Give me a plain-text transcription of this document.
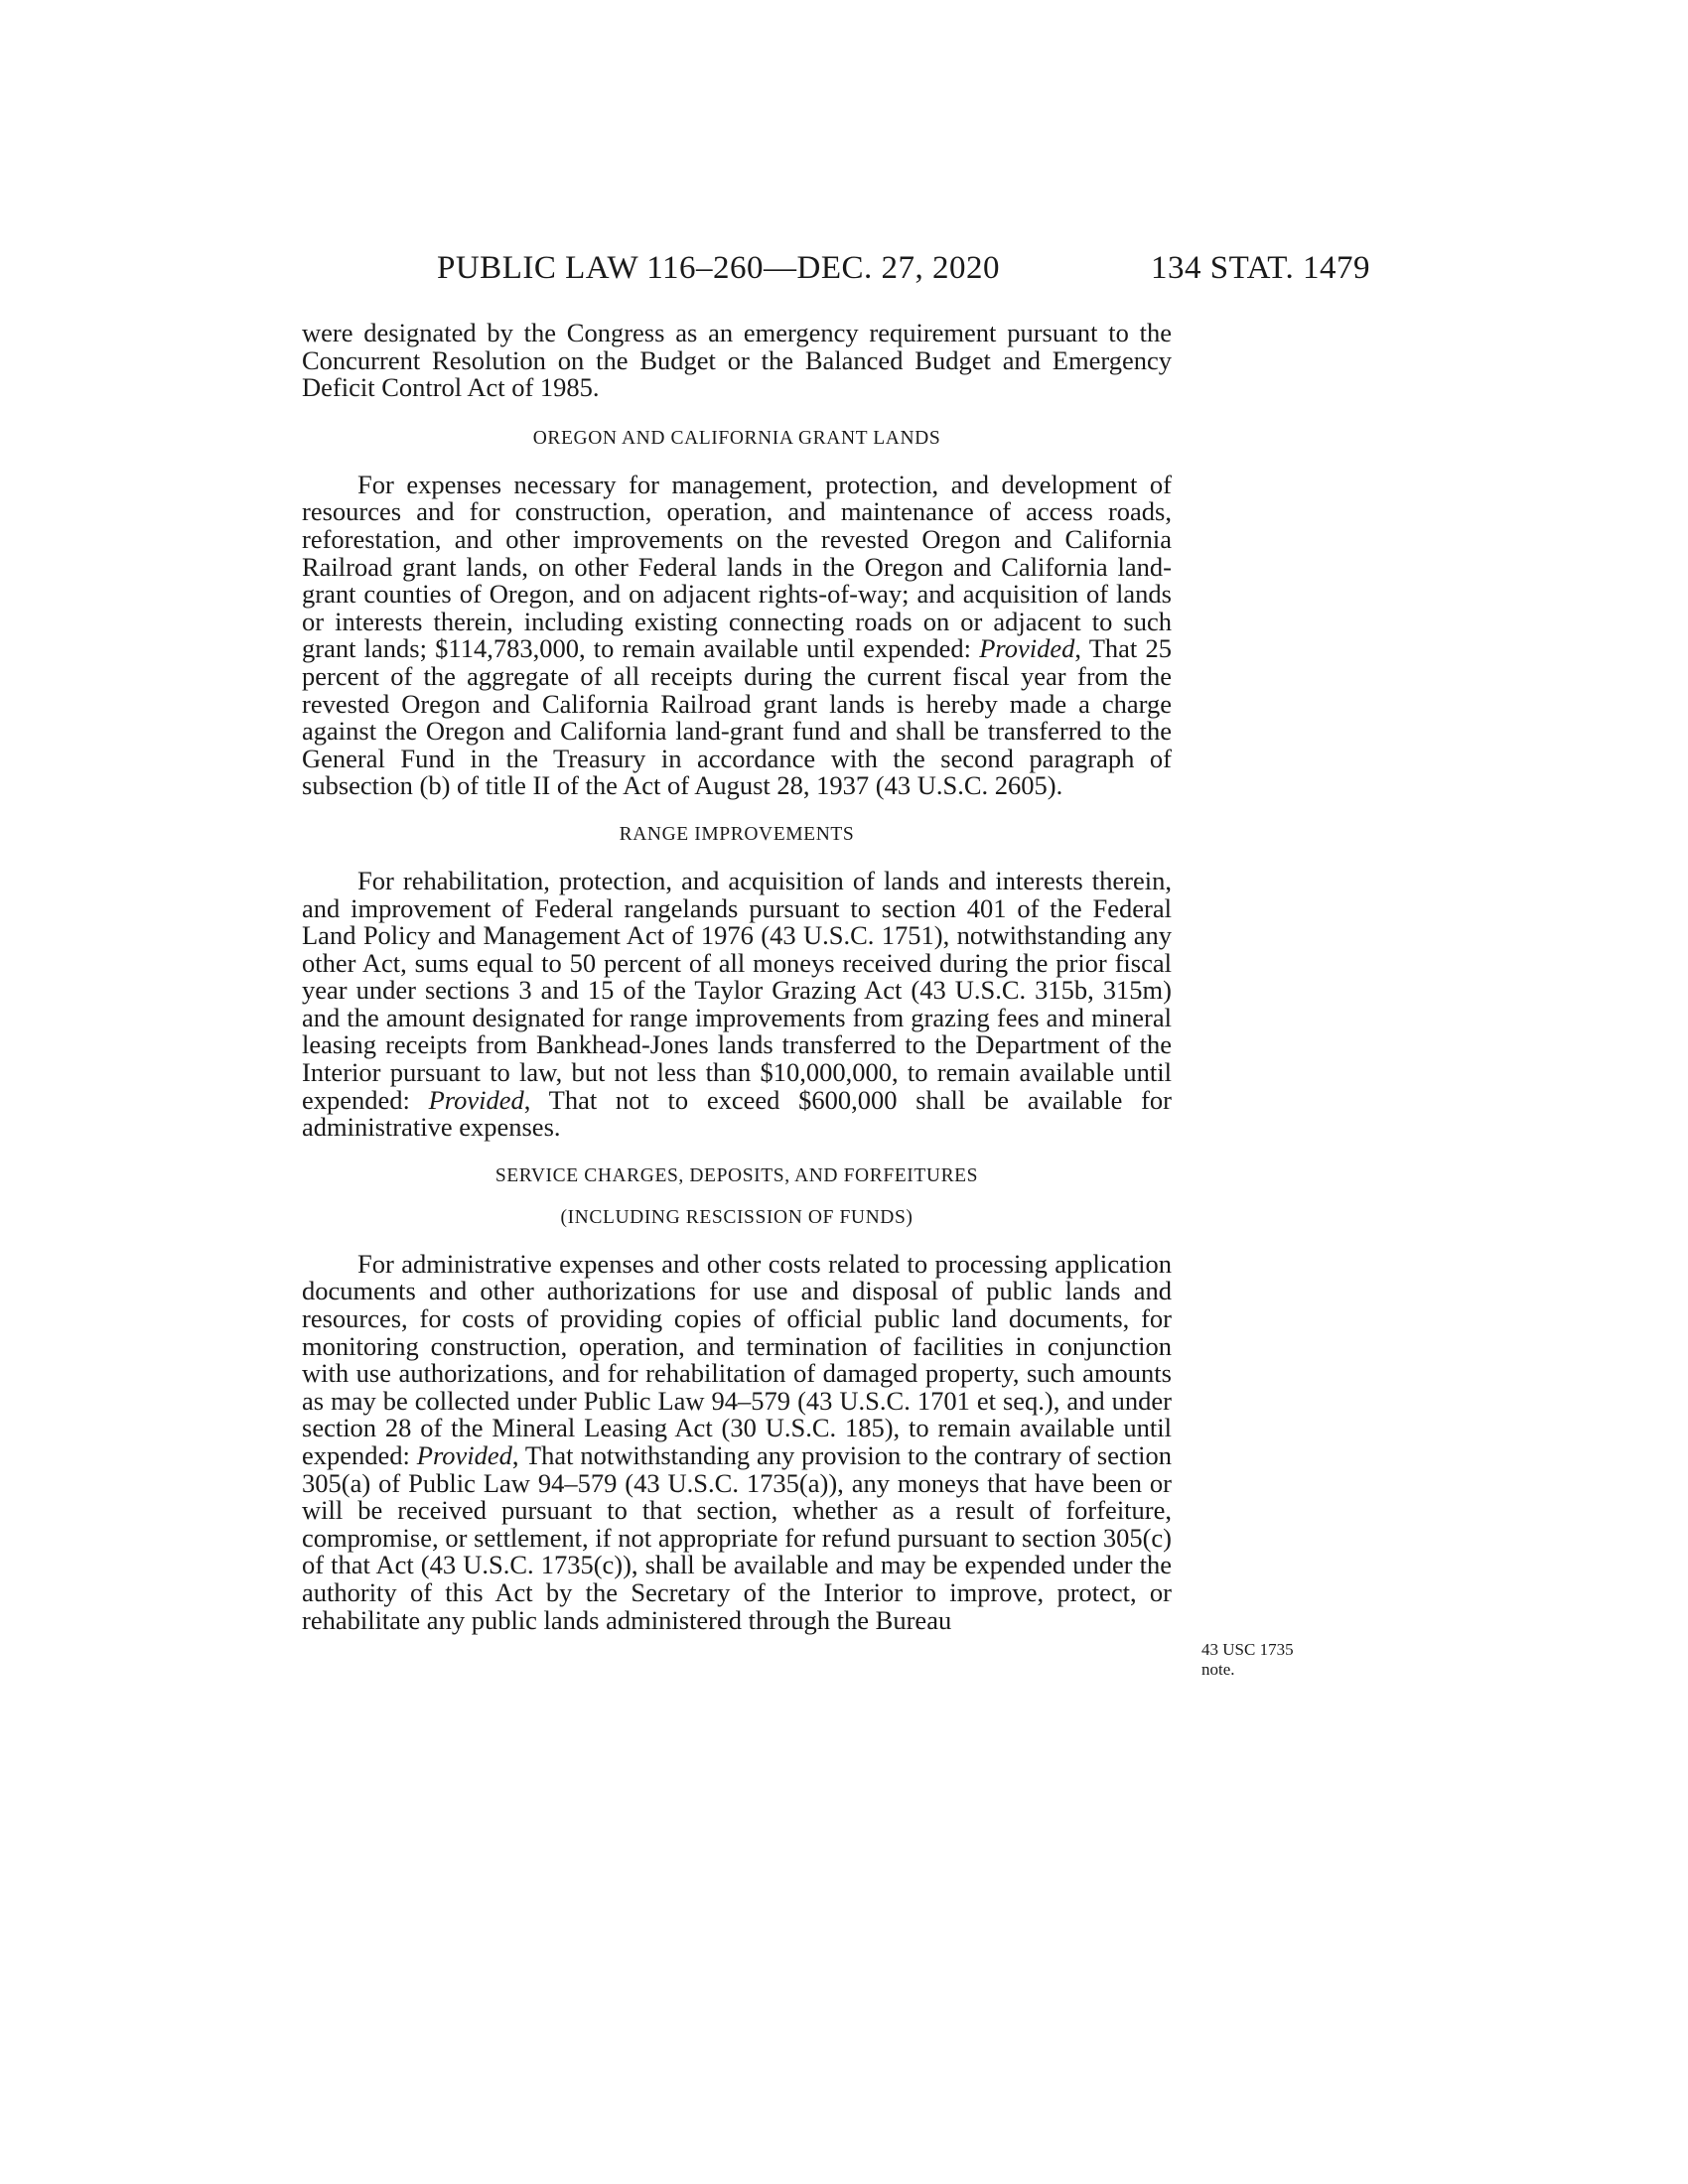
PUBLIC LAW 116–260—DEC. 27, 2020	134 STAT. 1479

were designated by the Congress as an emergency requirement pursuant to the Concurrent Resolution on the Budget or the Balanced Budget and Emergency Deficit Control Act of 1985.

OREGON AND CALIFORNIA GRANT LANDS

For expenses necessary for management, protection, and development of resources and for construction, operation, and maintenance of access roads, reforestation, and other improvements on the revested Oregon and California Railroad grant lands, on other Federal lands in the Oregon and California land-grant counties of Oregon, and on adjacent rights-of-way; and acquisition of lands or interests therein, including existing connecting roads on or adjacent to such grant lands; $114,783,000, to remain available until expended: Provided, That 25 percent of the aggregate of all receipts during the current fiscal year from the revested Oregon and California Railroad grant lands is hereby made a charge against the Oregon and California land-grant fund and shall be transferred to the General Fund in the Treasury in accordance with the second paragraph of subsection (b) of title II of the Act of August 28, 1937 (43 U.S.C. 2605).

RANGE IMPROVEMENTS

For rehabilitation, protection, and acquisition of lands and interests therein, and improvement of Federal rangelands pursuant to section 401 of the Federal Land Policy and Management Act of 1976 (43 U.S.C. 1751), notwithstanding any other Act, sums equal to 50 percent of all moneys received during the prior fiscal year under sections 3 and 15 of the Taylor Grazing Act (43 U.S.C. 315b, 315m) and the amount designated for range improvements from grazing fees and mineral leasing receipts from Bankhead-Jones lands transferred to the Department of the Interior pursuant to law, but not less than $10,000,000, to remain available until expended: Provided, That not to exceed $600,000 shall be available for administrative expenses.

SERVICE CHARGES, DEPOSITS, AND FORFEITURES

(INCLUDING RESCISSION OF FUNDS)

For administrative expenses and other costs related to processing application documents and other authorizations for use and disposal of public lands and resources, for costs of providing copies of official public land documents, for monitoring construction, operation, and termination of facilities in conjunction with use authorizations, and for rehabilitation of damaged property, such amounts as may be collected under Public Law 94–579 (43 U.S.C. 1701 et seq.), and under section 28 of the Mineral Leasing Act (30 U.S.C. 185), to remain available until expended: Provided, That notwithstanding any provision to the contrary of section 305(a) of Public Law 94–579 (43 U.S.C. 1735(a)), any moneys that have been or will be received pursuant to that section, whether as a result of forfeiture, compromise, or settlement, if not appropriate for refund pursuant to section 305(c) of that Act (43 U.S.C. 1735(c)), shall be available and may be expended under the authority of this Act by the Secretary of the Interior to improve, protect, or rehabilitate any public lands administered through the Bureau

43 USC 1735
note.
